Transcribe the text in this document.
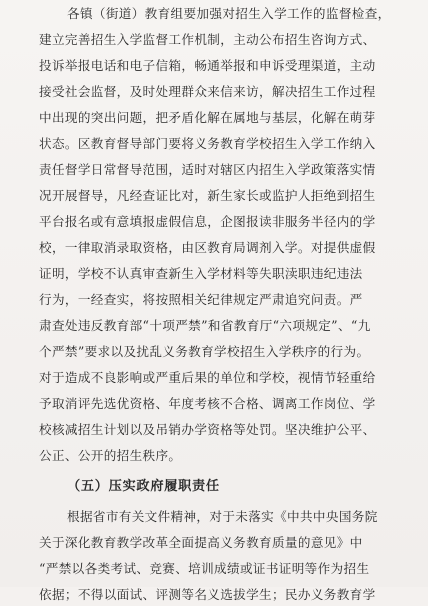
各镇（街道）教育组要加强对招生入学工作的监督检查，
建立完善招生入学监督工作机制，主动公布招生咨询方式、
投诉举报电话和电子信箱，畅通举报和申诉受理渠道，主动
接受社会监督，及时处理群众来信来访，解决招生工作过程
中出现的突出问题，把矛盾化解在属地与基层，化解在萌芽
状态。区教育督导部门要将义务教育学校招生入学工作纳入
责任督学日常督导范围，适时对辖区内招生入学政策落实情
况开展督导，凡经查证比对，新生家长或监护人拒绝到招生
平台报名或有意填报虚假信息，企图报读非服务半径内的学
校，一律取消录取资格，由区教育局调剂入学。对提供虚假
证明，学校不认真审查新生入学材料等失职渎职违纪违法
行为，一经查实，将按照相关纪律规定严肃追究问责。严
肃查处违反教育部“十项严禁”和省教育厅“六项规定”、“九
个严禁”要求以及扰乱义务教育学校招生入学秩序的行为。
对于造成不良影响或严重后果的单位和学校，视情节轻重给
予取消评先选优资格、年度考核不合格、调离工作岗位、学
校核减招生计划以及吊销办学资格等处罚。坚决维护公平、
公正、公开的招生秩序。
（五）压实政府履职责任
根据省市有关文件精神，对于未落实《中共中央国务院
关于深化教育教学改革全面提高义务教育质量的意见》中
“严禁以各类考试、竞赛、培训成绩或证书证明等作为招生
依据；不得以面试、评测等名义选拔学生；民办义务教育学
